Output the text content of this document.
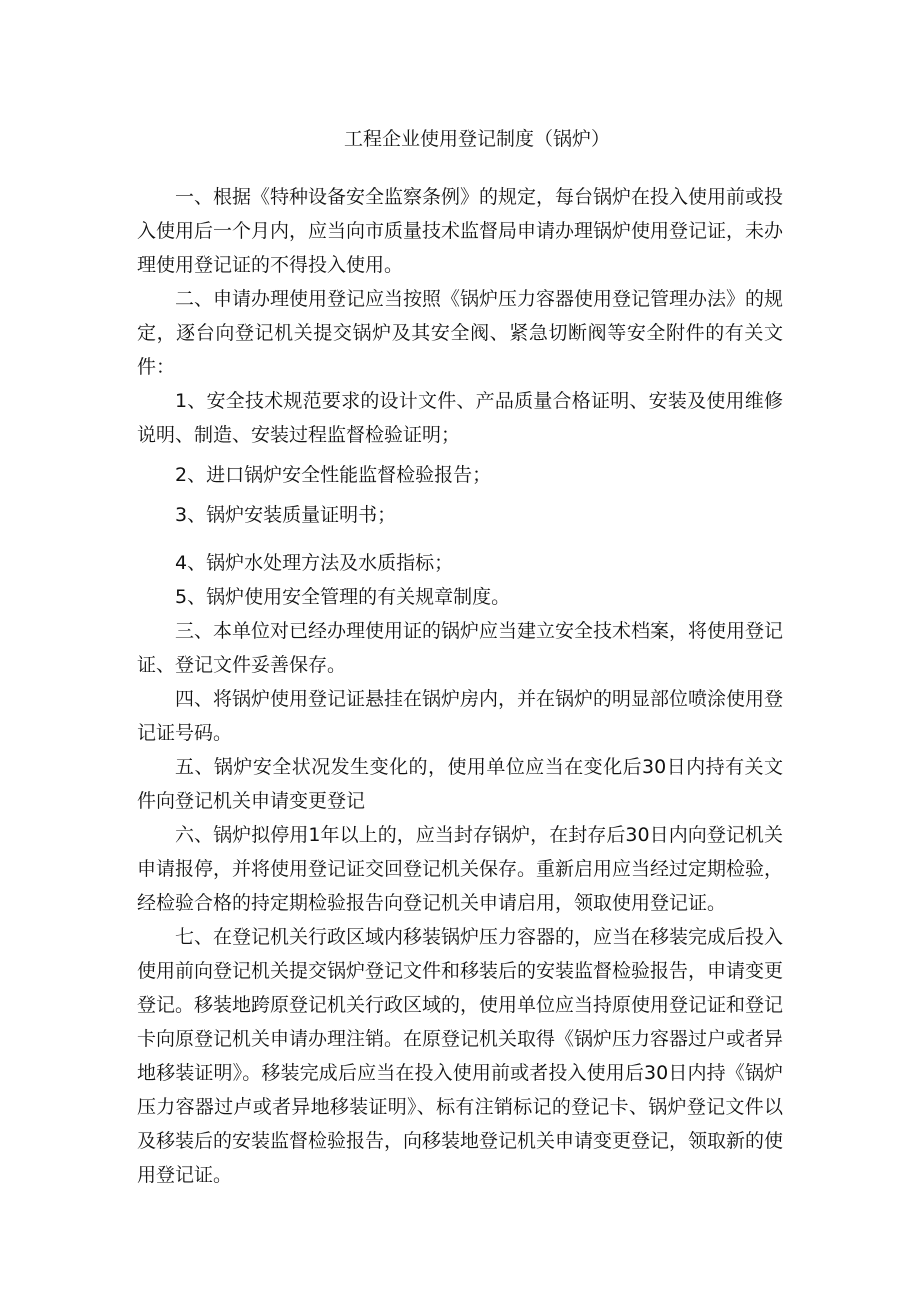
工程企业使用登记制度（锅炉）

一、根据《特种设备安全监察条例》的规定，每台锅炉在投入使用前或投入使用后一个月内，应当向市质量技术监督局申请办理锅炉使用登记证，未办理使用登记证的不得投入使用。

二、申请办理使用登记应当按照《锅炉压力容器使用登记管理办法》的规定，逐台向登记机关提交锅炉及其安全阀、紧急切断阀等安全附件的有关文件：

1、安全技术规范要求的设计文件、产品质量合格证明、安装及使用维修说明、制造、安装过程监督检验证明；

2、进口锅炉安全性能监督检验报告；

3、锅炉安装质量证明书；

4、锅炉水处理方法及水质指标；

5、锅炉使用安全管理的有关规章制度。

三、本单位对已经办理使用证的锅炉应当建立安全技术档案，将使用登记证、登记文件妥善保存。

四、将锅炉使用登记证悬挂在锅炉房内，并在锅炉的明显部位喷涂使用登记证号码。

五、锅炉安全状况发生变化的，使用单位应当在变化后30日内持有关文件向登记机关申请变更登记

六、锅炉拟停用1年以上的，应当封存锅炉，在封存后30日内向登记机关申请报停，并将使用登记证交回登记机关保存。重新启用应当经过定期检验，经检验合格的持定期检验报告向登记机关申请启用，领取使用登记证。

七、在登记机关行政区域内移装锅炉压力容器的，应当在移装完成后投入使用前向登记机关提交锅炉登记文件和移装后的安装监督检验报告，申请变更登记。移装地跨原登记机关行政区域的，使用单位应当持原使用登记证和登记卡向原登记机关申请办理注销。在原登记机关取得《锅炉压力容器过户或者异地移装证明》。移装完成后应当在投入使用前或者投入使用后30日内持《锅炉压力容器过卢或者异地移装证明》、标有注销标记的登记卡、锅炉登记文件以及移装后的安装监督检验报告，向移装地登记机关申请变更登记，领取新的使用登记证。
